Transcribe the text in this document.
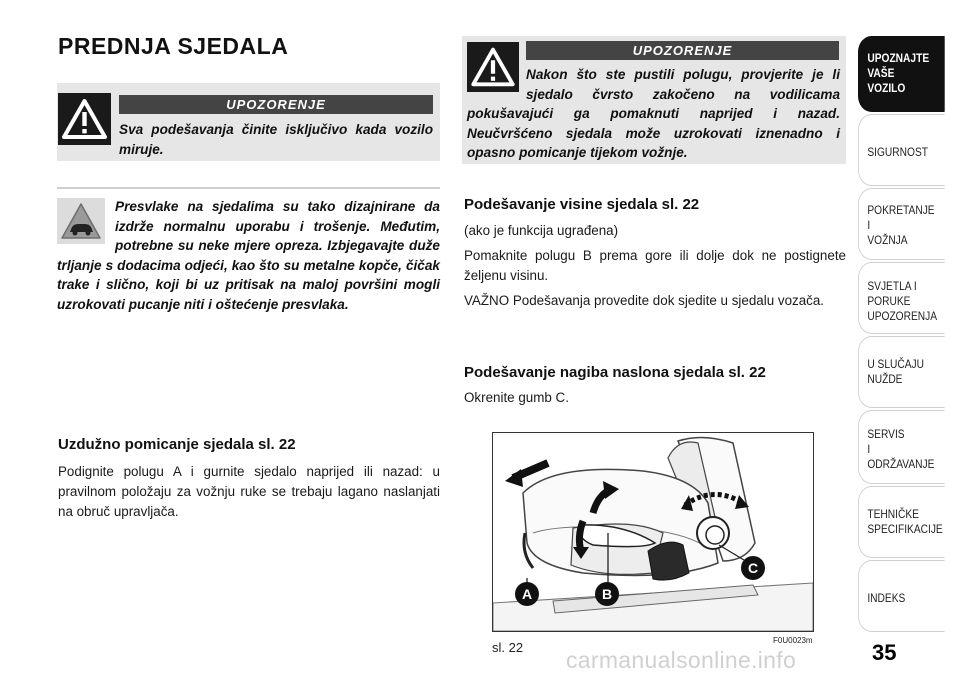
PREDNJA SJEDALA
UPOZORENJE
Sva podešavanja činite isključivo kada vozilo miruje.
Presvlake na sjedalima su tako dizajnirane da izdrže normalnu uporabu i trošenje. Međutim, potrebne su neke mjere opreza. Izbjegavajte duže trljanje s dodacima odjeći, kao što su metalne kopče, čičak trake i slično, koji bi uz pritisak na maloj površini mogli uzrokovati pucanje niti i oštećenje presvlaka.
Uzdužno pomicanje sjedala sl. 22
Podignite polugu A i gurnite sjedalo naprijed ili nazad: u pravilnom položaju za vožnju ruke se trebaju lagano naslanjati na obruč upravljača.
UPOZORENJE
Nakon što ste pustili polugu, provjerite je li sjedalo čvrsto zakočeno na vodilicama pokušavajući ga pomaknuti naprijed i nazad. Neučvršćeno sjedala može uzrokovati iznenadno i opasno pomicanje tijekom vožnje.
Podešavanje visine sjedala sl. 22
(ako je funkcija ugrađena)
Pomaknite polugu B prema gore ili dolje dok ne postignete željenu visinu.
VAŽNO Podešavanja provedite dok sjedite u sjedalu vozača.
Podešavanje nagiba naslona sjedala sl. 22
Okrenite gumb C.
A	B
C
sl. 22	F0U0023m
UPOZNAJTE
VAŠE
VOZILO
SIGURNOST
POKRETANJE
I
VOŽNJA
SVJETLA I
PORUKE
UPOZORENJA
U SLUČAJU
NUŽDE
SERVIS
I
ODRŽAVANJE
TEHNIČKE
SPECIFIKACIJE
INDEKS
35
carmanualsonline.info
